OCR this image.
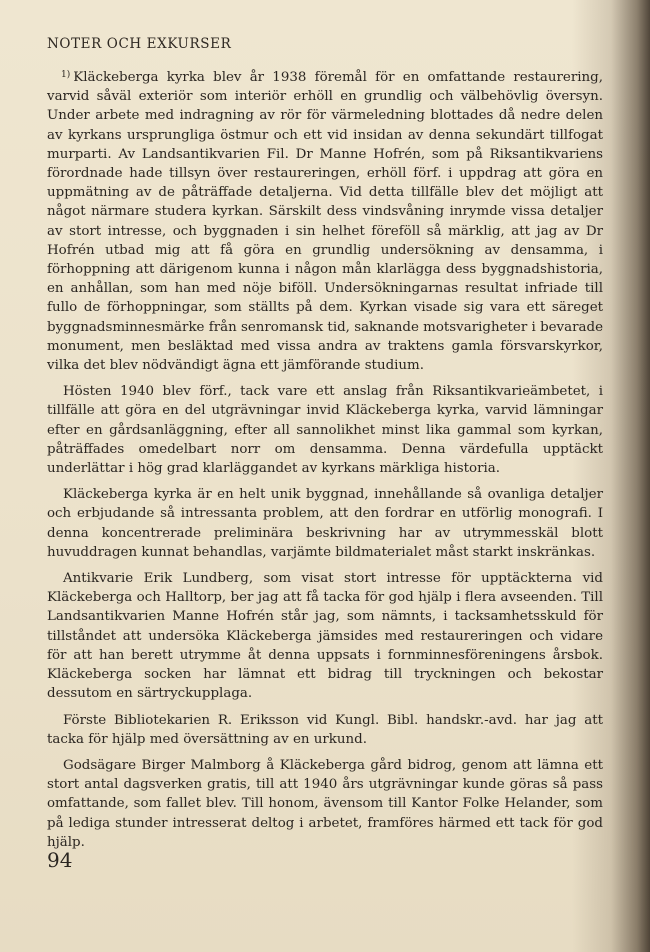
NOTER OCH EXKURSER

$^{1)}$ Kläckeberga kyrka blev år 1938 föremål för en omfattande restaurering, varvid såväl exteriör som interiör erhöll en grundlig och välbehövlig översyn. Under arbete med indragning av rör för värmeledning blottades då nedre delen av kyrkans ursprungliga östmur och ett vid insidan av denna sekundärt tillfogat murparti. Av Landsantikvarien Fil. Dr Manne Hofrén, som på Riksantikvariens förordnade hade tillsyn över restaureringen, erhöll förf. i uppdrag att göra en uppmätning av de påträffade detaljerna. Vid detta tillfälle blev det möjligt att något närmare studera kyrkan. Särskilt dess vindsvåning inrymde vissa detaljer av stort intresse, och byggnaden i sin helhet föreföll så märklig, att jag av Dr Hofrén utbad mig att få göra en grundlig undersökning av densamma, i förhoppning att därigenom kunna i någon mån klarlägga dess byggnadshistoria, en anhållan, som han med nöje biföll. Undersökningarnas resultat infriade till fullo de förhoppningar, som ställts på dem. Kyrkan visade sig vara ett säreget byggnadsminnesmärke från senromansk tid, saknande motsvarigheter i bevarade monument, men besläktad med vissa andra av traktens gamla försvarskyrkor, vilka det blev nödvändigt ägna ett jämförande studium.

Hösten 1940 blev förf., tack vare ett anslag från Riksantikvarieämbetet, i tillfälle att göra en del utgrävningar invid Kläckeberga kyrka, varvid lämningar efter en gårdsanläggning, efter all sannolikhet minst lika gammal som kyrkan, påträffades omedelbart norr om densamma. Denna värdefulla upptäckt underlättar i hög grad klarläggandet av kyrkans märkliga historia.

Kläckeberga kyrka är en helt unik byggnad, innehållande så ovanliga detaljer och erbjudande så intressanta problem, att den fordrar en utförlig monografi. I denna koncentrerade preliminära beskrivning har av utrymmesskäl blott huvuddragen kunnat behandlas, varjämte bildmaterialet måst starkt inskränkas.

Antikvarie Erik Lundberg, som visat stort intresse för upptäckterna vid Kläckeberga och Halltorp, ber jag att få tacka för god hjälp i flera avseenden. Till Landsantikvarien Manne Hofrén står jag, som nämnts, i tacksamhetsskuld för tillståndet att undersöka Kläckeberga jämsides med restaureringen och vidare för att han berett utrymme åt denna uppsats i fornminnesföreningens årsbok. Kläckeberga socken har lämnat ett bidrag till tryckningen och bekostar dessutom en särtryckupplaga.

Förste Bibliotekarien R. Eriksson vid Kungl. Bibl. handskr.-avd. har jag att tacka för hjälp med översättning av en urkund.

Godsägare Birger Malmborg å Kläckeberga gård bidrog, genom att lämna ett stort antal dagsverken gratis, till att 1940 års utgrävningar kunde göras så pass omfattande, som fallet blev. Till honom, ävensom till Kantor Folke Helander, som på lediga stunder intresserat deltog i arbetet, framföres härmed ett tack för god hjälp.

94
